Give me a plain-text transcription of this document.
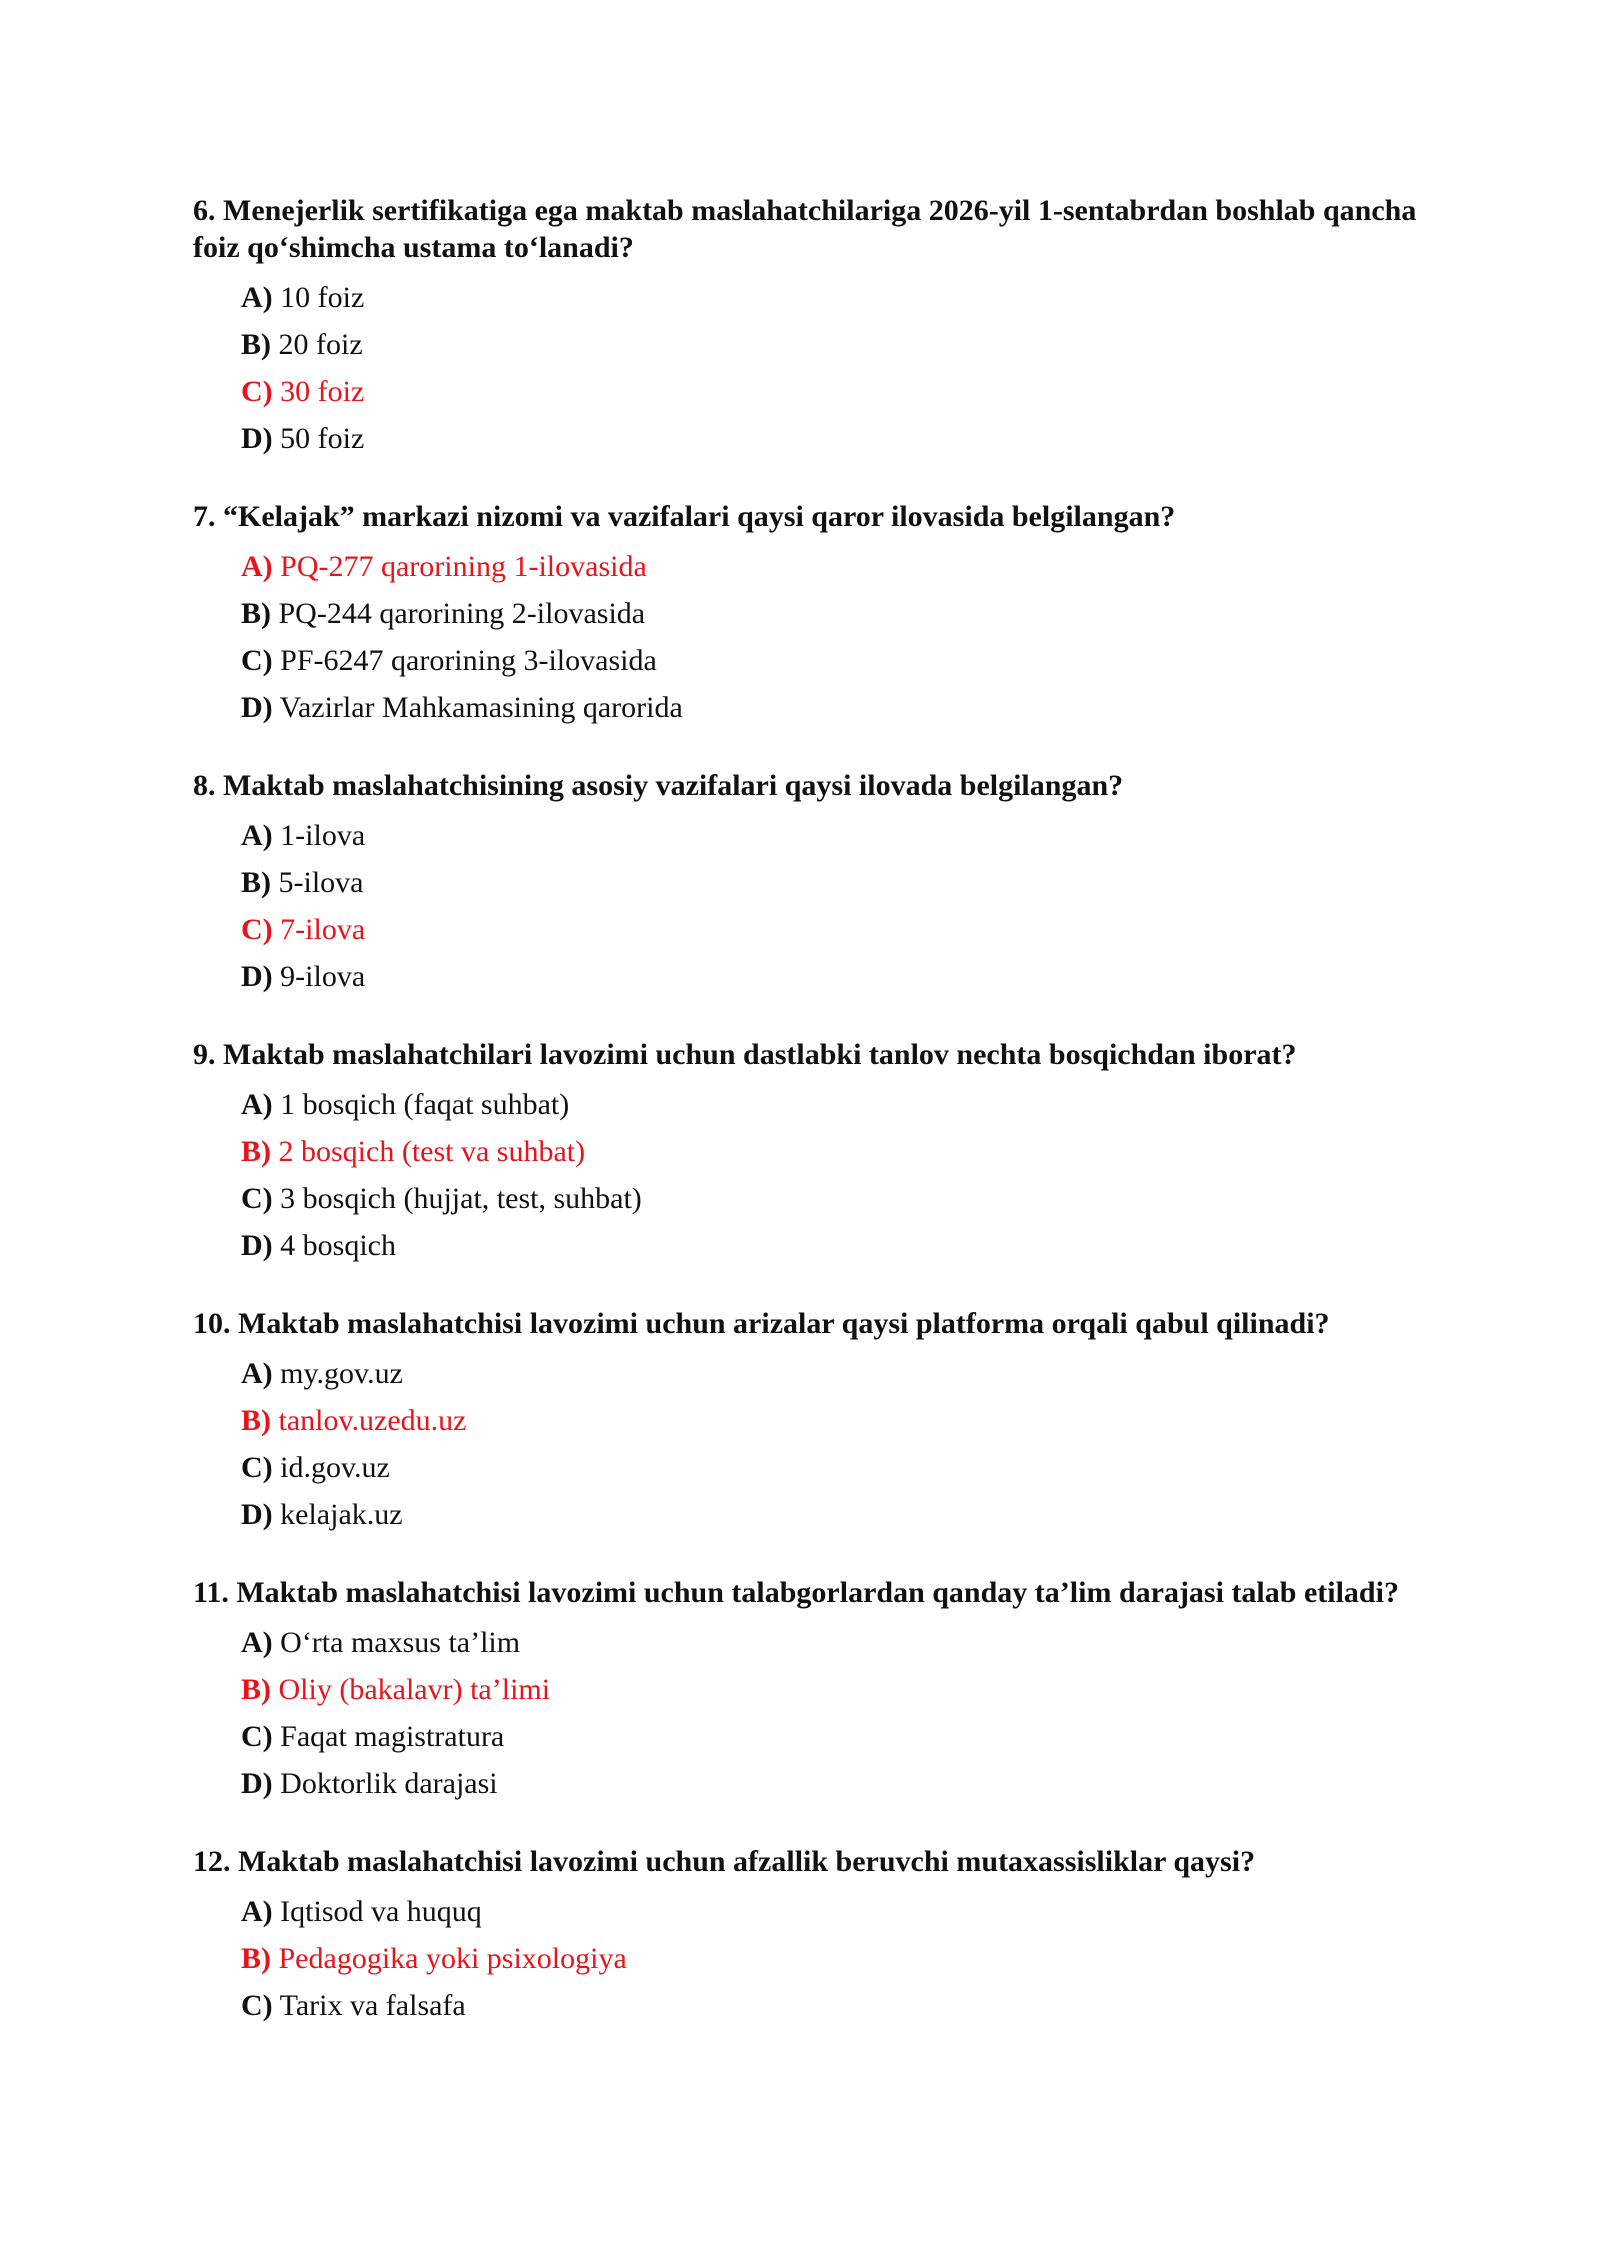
6. Menejerlik sertifikatiga ega maktab maslahatchilariga 2026-yil 1-sentabrdan boshlab qancha foiz qo‘shimcha ustama to‘lanadi?
A) 10 foiz
B) 20 foiz
C) 30 foiz
D) 50 foiz
7. “Kelajak” markazi nizomi va vazifalari qaysi qaror ilovasida belgilangan?
A) PQ-277 qarorining 1-ilovasida
B) PQ-244 qarorining 2-ilovasida
C) PF-6247 qarorining 3-ilovasida
D) Vazirlar Mahkamasining qarorida
8. Maktab maslahatchisining asosiy vazifalari qaysi ilovada belgilangan?
A) 1-ilova
B) 5-ilova
C) 7-ilova
D) 9-ilova
9. Maktab maslahatchilari lavozimi uchun dastlabki tanlov nechta bosqichdan iborat?
A) 1 bosqich (faqat suhbat)
B) 2 bosqich (test va suhbat)
C) 3 bosqich (hujjat, test, suhbat)
D) 4 bosqich
10. Maktab maslahatchisi lavozimi uchun arizalar qaysi platforma orqali qabul qilinadi?
A) my.gov.uz
B) tanlov.uzedu.uz
C) id.gov.uz
D) kelajak.uz
11. Maktab maslahatchisi lavozimi uchun talabgorlardan qanday ta’lim darajasi talab etiladi?
A) O‘rta maxsus ta’lim
B) Oliy (bakalavr) ta’limi
C) Faqat magistratura
D) Doktorlik darajasi
12. Maktab maslahatchisi lavozimi uchun afzallik beruvchi mutaxassisliklar qaysi?
A) Iqtisod va huquq
B) Pedagogika yoki psixologiya
C) Tarix va falsafa
